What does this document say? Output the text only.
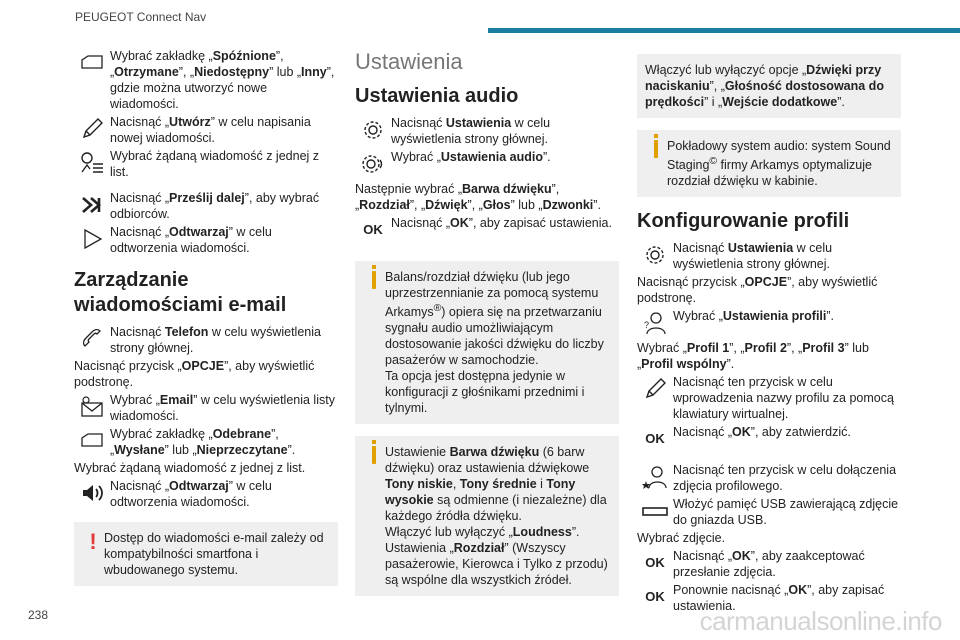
PEUGEOT Connect Nav
Wybrać zakładkę „Spóźnione”, „Otrzymane”, „Niedostępny” lub „Inny”, gdzie można utworzyć nowe wiadomości.
Nacisnąć „Utwórz” w celu napisania nowej wiadomości.
Wybrać żądaną wiadomość z jednej z list.
Nacisnąć „Prześlij dalej”, aby wybrać odbiorców.
Nacisnąć „Odtwarzaj” w celu odtworzenia wiadomości.
Zarządzanie wiadomościami e-mail
Nacisnąć Telefon w celu wyświetlenia strony głównej.
Nacisnąć przycisk „OPCJE”, aby wyświetlić podstronę.
Wybrać „Email” w celu wyświetlenia listy wiadomości.
Wybrać zakładkę „Odebrane”, „Wysłane” lub „Nieprzeczytane”.
Wybrać żądaną wiadomość z jednej z list.
Nacisnąć „Odtwarzaj” w celu odtworzenia wiadomości.
! Dostęp do wiadomości e-mail zależy od kompatybilności smartfona i wbudowanego systemu.
Ustawienia
Ustawienia audio
Nacisnąć Ustawienia w celu wyświetlenia strony głównej.
Wybrać „Ustawienia audio”.
Następnie wybrać „Barwa dźwięku”, „Rozdział”, „Dźwięk”, „Głos” lub „Dzwonki”.
OK Nacisnąć „OK”, aby zapisać ustawienia.
Balans/rozdział dźwięku (lub jego uprzestrzennianie za pomocą systemu Arkamys®) opiera się na przetwarzaniu sygnału audio umożliwiającym dostosowanie jakości dźwięku do liczby pasażerów w samochodzie.
Ta opcja jest dostępna jedynie w konfiguracji z głośnikami przednimi i tylnymi.
Ustawienie Barwa dźwięku (6 barw dźwięku) oraz ustawienia dźwiękowe Tony niskie, Tony średnie i Tony wysokie są odmienne (i niezależne) dla każdego źródła dźwięku.
Włączyć lub wyłączyć „Loudness”.
Ustawienia „Rozdział” (Wszyscy pasażerowie, Kierowca i Tylko z przodu) są wspólne dla wszystkich źródeł.
Włączyć lub wyłączyć opcje „Dźwięki przy naciskaniu”, „Głośność dostosowana do prędkości” i „Wejście dodatkowe”.
Pokładowy system audio: system Sound Staging© firmy Arkamys optymalizuje rozdział dźwięku w kabinie.
Konfigurowanie profili
Nacisnąć Ustawienia w celu wyświetlenia strony głównej.
Nacisnąć przycisk „OPCJE”, aby wyświetlić podstronę.
?
Wybrać „Ustawienia profili”.
Wybrać „Profil 1”, „Profil 2”, „Profil 3” lub „Profil wspólny”.
Nacisnąć ten przycisk w celu wprowadzenia nazwy profilu za pomocą klawiatury wirtualnej.
OK Nacisnąć „OK”, aby zatwierdzić.
Nacisnąć ten przycisk w celu dołączenia zdjęcia profilowego.
Włożyć pamięć USB zawierającą zdjęcie do gniazda USB.
Wybrać zdjęcie.
OK Nacisnąć „OK”, aby zaakceptować przesłanie zdjęcia.
OK Ponownie nacisnąć „OK”, aby zapisać ustawienia.
238	carmanualsonline.info
